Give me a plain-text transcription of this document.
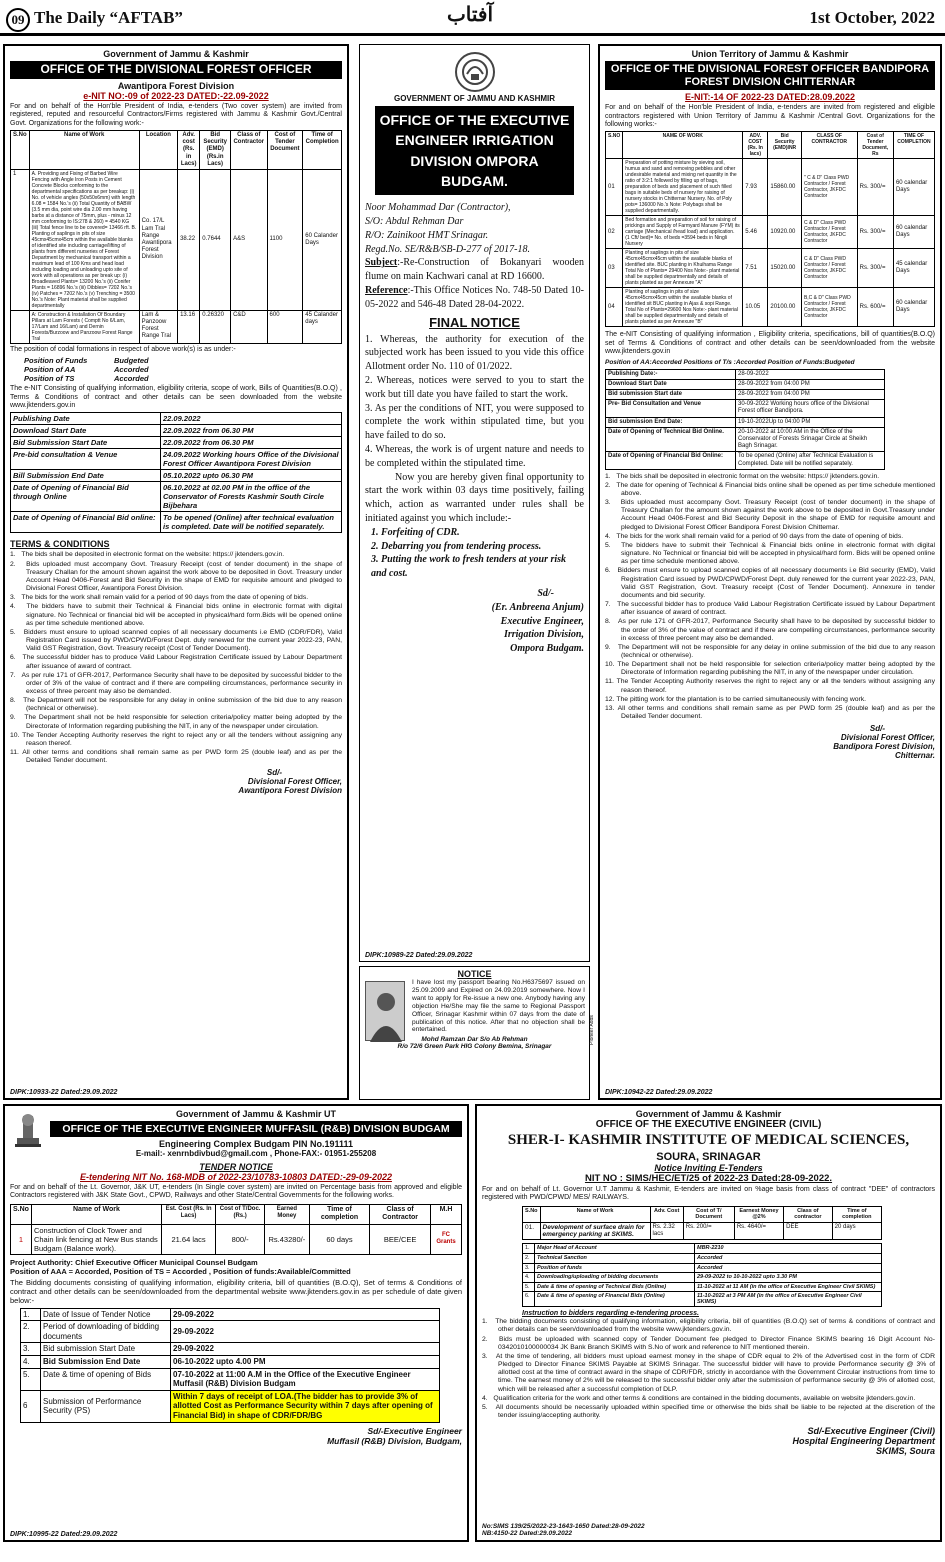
09 The Daily “AFTAB”	آفتاب	1st October, 2022
Government of Jammu & Kashmir
OFFICE OF THE DIVISIONAL FOREST OFFICER
Awantipora Forest Division
e-NIT NO:-09 of 2022-23 DATED:-22.09-2022

For and on behalf of the Hon'ble President of India, e-tenders (Two cover system) are invited from registered, reputed and resourceful Contractors/Firms registered with Jammu & Kashmir Govt./Central Govt. Organizations for the following work:-

S.No	Name of Work	Location	Adv. cost (Rs. in Lacs)	Bid Security (EMD) (Rs.in Lacs)	Class of Contractor	Cost of Tender Document	Time of Completion
1	A. Providing and Fixing of Barbed Wire Fencing with Angle Iron Posts in Cement Concrete Blocks conforming to the departmental specifications as per breakup: (i) No. of vehicle angles (50x50x6mm) with length 6.08 = 1584 No.'s (ii) Total Quantity of BABW (3.5 mm dia, point wire dia 2.00 mm having barbs at a distance of 75mm, plus - minus 12 mm conforming to IS:278 & 260) = 4540 KG (iii) Total fence line to be covered= 13466 rft. B. Planting of saplings in pits of size 45cmx45cmx45cm within the available blanks of identified site including carriage/lifting of plants from different nurseries of Forest Department by mechanical transport within a maximum lead of 100 Kms and head load including loading and unloading upto site of work with all operations as per break up: (i) Broadleaved Plants= 13200 No.'s (ii) Conifer Plants = 16896 No.'s (iii) Dibbles= 7202 No.'s (iv) Patches = 7202 No.'s (v) Trenching = 3500 No.'s Note: Plant material shall be supplied departmentally	Co. 17/L Lam Tral Range Awantipora Forest Division	38.22	0.7644	A&S	1100	60 Calander Days
	A: Construction & Installation Of Boundary Pillars at Lam Forests ( Comptt No 6/Lam, 17/Lam and 16/Lam) and Dernin Forests/Burzoow and Panzoow Forest Range Tral	Lam & Panzoow Forest Range Tral	13.16	0.26320	C&D	600	45 Calander days

The position of codal formations in respect of above work(s) is as under:-

Position of Funds	Budgeted
Position of AA	Accorded
Position of TS	Accorded

The e-NIT Consisting of qualifying information, eligibility criteria, scope of work, Bills of Quantities(B.O.Q) , Terms & Conditions of contract and other details can be seen downloaded from the website www.jktenders.gov.in

Publishing Date	22.09.2022
Download Start Date	22.09.2022 from 06.30 PM
Bid Submission Start Date	22.09.2022 from 06.30 PM
Pre-bid consultation & Venue	24.09.2022 Working hours Office of the Divisional Forest Officer Awantipora Forest Division
Bill Submission End Date	05.10.2022 upto 06.30 PM
Date of Opening of Financial Bid through Online	06.10.2022 at 02.00 PM in the office of the Conservator of Forests Kashmir South Circle Bijbehara
Date of Opening of Financial Bid online:	To be opened (Online) after technical evaluation is completed. Date will be notified separately.
TERMS & CONDITIONS
1.   The bids shall be deposited in electronic format on the website: https:// jktenders.gov.in.
2.   Bids uploaded must accompany Govt. Treasury Receipt (cost of tender document) in the shape of Treasury Challan for the amount shown against the work above to be deposited in Govt. Treasury under Account Head 0406-Forest and Bid Security in the shape of EMD for requisite amount and pledged to Divisional Forest Officer, Awantipora Forest Division.
3.   The bids for the work shall remain valid for a period of 90 days from the date of opening of bids.
4.   The bidders have to submit their Technical & Financial bids online in electronic format with digital signature. No Technical or financial bid will be accepted in physical/hard form.Bids will be opened online as per time schedule mentioned above.
5.   Bidders must ensure to upload scanned copies of all necessary documents i.e EMD (CDR/FDR), Valid Registration Card issued by PWD/CPWD/Forest Dept. duly renewed for the current year 2022-23, PAN, Valid GST Registration, Govt. Treasury receipt (Cost of Tender Document).
6.   The successful bidder has to produce Valid Labour Registration Certificate issued by Labour Department after issuance of award of contract.
7.   As per rule 171 of GFR-2017, Performance Security shall have to be deposited by successful bidder to the order of 3% of the value of contract and if there are compelling circumstances, performance security in excess of three percent may also be demanded.
8.   The Department will not be responsible for any delay in online submission of the bid due to any reason (technical or otherwise).
9.   The Department shall not be held responsible for selection criteria/policy matter being adopted by the Directorate of Information regarding publishing the NIT, in any of the newspaper under circulation.
10. The Tender Accepting Authority reserves the right to reject any or all the tenders without assigning any reason thereof.
11. All other terms and conditions shall remain same as per PWD form 25 (double leaf) and as per the Detailed Tender document.
Sd/-
Divisional Forest Officer,
Awantipora Forest Division
DIPK:10933-22 Dated:29.09.2022
GOVERNMENT OF JAMMU AND KASHMIR
OFFICE OF THE EXECUTIVE ENGINEER IRRIGATION DIVISION OMPORA BUDGAM.
Noor Mohammad Dar (Contractor),
S/O: Abdul Rehman Dar
R/O: Zainikoot HMT Srinagar.
Regd.No. SE/R&B/SB-D-277 of 2017-18.

Subject:-Re-Construction of Bokanyari wooden flume on main Kachwari canal at RD 16600.

Reference:-This Office Notices No. 748-50 Dated 10-05-2022 and 546-48 Dated 28-04-2022.

FINAL NOTICE

1. Whereas, the authority for execution of the subjected work has been issued to you vide this office Allotment order No. 110 of 01/2022.

2. Whereas, notices were served to you to start the work but till date you have failed to start the work.

3. As per the conditions of NIT, you were supposed to complete the work within stipulated time, but you have failed to do so.

4. Whereas, the work is of urgent nature and needs to be completed within the stipulated time.

Now you are hereby given final opportunity to start the work within 03 days time positively, failing which, action as warranted under rules shall be initiated against you which include:-

1. Forfeiting of CDR.
2. Debarring you from tendering process.
3. Putting the work to fresh tenders at your risk and cost.
Sd/-
(Er. Anbreena Anjum)
Executive Engineer,
Irrigation Division,
Ompora Budgam.
DIPK:10989-22 Dated:29.09.2022
NOTICE
I have lost my passport bearing No.H6375697 issued on 25.09.2009 and Expired on 24.09.2019 somewhere. Now I want to apply for Re-issue a new one. Anybody having any objection He/She may file the same to Regional Passport Officer, Srinagar Kashmir within 07 days from the date of publication of this notice. After that no objection shall be entertained.
Mohd Ramzan Dar S/o Ab Rehman
R/o 72/6 Green Park HIG Colony Bemina, Srinagar
Pioneer Adds
Union Territory of Jammu & Kashmir
OFFICE OF THE DIVISIONAL FOREST OFFICER BANDIPORA FOREST DIVISION CHITTERNAR
E-NIT:-14 OF 2022-23 DATED:28.09.2022

For and on behalf of the Hon'ble President of India, e-tenders are invited from registered and eligible contractors registered with Union Territory of Jammu & Kashmir /Central Govt. Organizations for the following works:-

S.NO	NAME OF WORK	ADV. COST (Rs. In lacs)	Bid Security (EMD)INR	CLASS OF CONTRACTOR	Cost of Tender Document, Rs	TIME OF COMPLETION
01	Preparation of potting mixture by sieving soil, humus and sand and removing pebbles and other undesirable material and mixing net quantity in the ratio of 3:2:1 followed by filling up of bags, preparation of beds and placement of such filled bags in suitable beds of nursery for raising of nursery stocks in Chitternar Nursery. No. of Poly pots= 136000 No.'s Note: Polybags shall be supplied departmentally.	7.93	15860.00	" C & D" Class PWD Contractor / Forest Contractor, JKFDC Contractor	Rs. 300/=	60 calendar Days
02	Bed formation and preparation of soil for raising of prickings and Supply of Farmyard Manure (FYM) its carriage (Mechanical /head load) and application. (1 Cft/ bed)= No. of beds =3594 beds in Ningli Nursery	5.46	10920.00	C & D" Class PWD Contractor / Forest Contractor, JKFDC Contractor	Rs. 300/=	60 calendar Days
03	Planting of saplings in pits of size 45cmx45cmx45cm within the available blanks of identified site. BUC planting in Khuihama Range Total No of Plants= 29400 Nos Note:- plant material shall be supplied departmentally and details of plants planted as per Annexure "A"	7.51	15020.00	C & D" Class PWD Contractor / Forest Contractor, JKFDC Contractor	Rs. 300/=	45 calendar Days
04	Planting of saplings in pits of size 45cmx45cmx45cm within the available blanks of identified sit BUC planting in Ajas & sopi Range. Total No of Plants=29600 Nos Note:- plant material shall be supplied departmentally and details of plants planted as per Annexure "B"	10.05	20100.00	B,C & D" Class PWD Contractor / Forest Contractor, JKFDC Contractor	Rs. 600/=	60 calendar Days

The e-NIT Consisting of qualifying information , Eligibility criteria, specifications, bill of quantities(B.O.Q) set of Terms & Conditions of contract and other details can be seen/downloaded from the website www.jktenders.gov.in

Position of AA:Accorded Positions of T/s :Accorded Position of Funds:Budgeted
Publishing Date:-	28-09-2022
Download Start Date	28-09-2022 from 04:00 PM
Bid submission Start date	28-09-2022 from 04:00 PM
Pre- Bid Consultation and Venue	30-09-2022 Working hours office of the Divisional Forest officer Bandipora.
Bid submission End Date:	19-10-2022Up to 04:00 PM
Date of Opening of Technical Bid Online.	20-10-2022 at 10:00 AM in the Office of the Conservator of Forests Srinagar Circle at Sheikh Bagh Srinagar.
Date of Opening of Financial Bid Online:	To be opened (Online) after Technical Evaluation is Completed. Date will be notified separately.
1.   The bids shall be deposited in electronic format on the website: https:// jktenders.gov.in.
2.   The date for opening of Technical & Financial bids online shall be opened as per time schedule mentioned above.
3.   Bids uploaded must accompany Govt. Treasury Receipt (cost of tender document) in the shape of Treasury Challan for the amount shown against the work above to be deposited in Govt.Treasury under Account Head 0406-Forest and Bid Security Deposit in the shape of EMD for requisite amount and pledged to Divisional Forest Officer Bandipora Forest Division Chittemar.
4.   The bids for the work shall remain valid for a period of 90 days from the date of opening of bids.
5.   The bidders have to submit their Technical & Financial bids online in electronic format with digital signature. No Technical or financial bid will be accepted in physical/hard form. Bids will be opened online as per time schedule mentioned above.
6.   Bidders must ensure to upload scanned copies of all necessary documents i.e Bid security (EMD), Valid Registration Card issued by PWD/CPWD/Forest Dept. duly renewed for the current year 2022-23, PAN, Valid GST Registration, Govt. Treasury receipt (Cost of Tender Document). Annexure in tender documents and bid security.
7.   The successful bidder has to produce Valid Labour Registration Certificate issued by Labour Department after issuance of award of contract.
8.   As per rule 171 of GFR-2017, Performance Security shall have to be deposited by successful bidder to the order of 3% of the value of contract and if there are compelling circumstances, performance security in excess of three percent may also be demanded.
9.   The Department will not be responsible for any delay in online submission of the bid due to any reason (technical or otherwise).
10. The Department shall not be held responsible for selection criteria/policy matter being adopted by the Directorate of Information regarding publishing the NIT, in any of the newspaper under circulation.
11. The Tender Accepting Authority reserves the right to reject any or all the tenders without assigning any reason thereof.
12. The pitting work for the plantation is to be carried simultaneously with fencing work.
13. All other terms and conditions shall remain same as per PWD form 25 (double leaf) and as per the Detailed Tender document.
Sd/-
Divisional Forest Officer,
Bandipora Forest Division,
Chitternar.
DIPK:10942-22 Dated:29.09.2022
Government of Jammu & Kashmir UT
OFFICE OF THE EXECUTIVE ENGINEER MUFFASIL (R&B) DIVISION BUDGAM
Engineering Complex Budgam PIN No.191111
E-mail:- xenrnbdivbud@gmail.com , Phone-FAX:- 01951-255208
TENDER NOTICE
E-tendering NIT No. 168-MDB of 2022-23/10783-10803 DATED:-29-09-2022

For and on behalf of the Lt. Governor, J&K UT, e-tenders (In Single cover system) are invited on Percentage basis from approved and eligible Contractors registered with J&K State Govt., CPWD, Railways and other State/Central Governments for the following works.

S.No	Name of Work	Est. Cost (Rs. In Lacs)	Cost of T/Doc. (Rs.)	Earned Money	Time of completion	Class of Contractor	M.H
1	Construction of Clock Tower and Chain link fencing at New Bus stands Budgam (Balance work).	21.64 lacs	800/-	Rs.43280/-	60 days	BEE/CEE	FC Grants
Project Authority: Chief Executive Officer Municipal Counsel Budgam
Position of AAA = Accorded, Position of TS = Accorded , Position of funds:Available/Committed

The Bidding documents consisting of qualifying information, eligibility criteria, bill of quantities (B.O.Q), Set of terms & Conditions of contract and other details can be seen/downloaded from the departmental website www.jktenders.gov.in as per schedule of date given below:-

1.	Date of Issue of Tender Notice	29-09-2022
2.	Period of downloading of bidding documents	29-09-2022
3.	Bid submission Start Date	29-09-2022
4.	Bid Submission End Date	06-10-2022 upto 4.00 PM
5.	Date & time of opening of Bids	07-10-2022 at 11:00 A.M in the Office of the Executive Engineer Muffasil (R&B) Division Budgam
6	Submission of Performance Security (PS)	Within 7 days of receipt of LOA.(The bidder has to provide 3% of allotted Cost as Performance Security within 7 days after opening of Financial Bid) in shape of CDR/FDR/BG
Sd/-Executive Engineer
Muffasil (R&B) Division, Budgam,
DIPK:10995-22 Dated:29.09.2022
Government of Jammu & Kashmir
OFFICE OF THE EXECUTIVE ENGINEER (CIVIL)
SHER-I- KASHMIR INSTITUTE OF MEDICAL SCIENCES,
SOURA, SRINAGAR
Notice Inviting E-Tenders
NIT NO : SIMS/HEC/ET/25 of 2022-23 Dated:28-09-2022.

For and on behalf of Lt. Governor U.T Jammu & Kashmir, E-tenders are invited on %age basis from class of contract "DEE" of contractors registered with PWD/CPWD/ MES/ RAILWAYS.

S.No	Name of Work	Adv. Cost	Cost of T/ Document	Earnest Money @2%	Class of contractor	Time of completion
01.	Development of surface drain for emergency parking at SKIMS.	Rs. 2.32 lacs	Rs. 200/=	Rs. 4640/=	DEE	20 days
1.	Major Head of Account	MBR-2210
2.	Technical Sanction	Accorded
3.	Position of funds	Accorded
4.	Downloading/uploading of bidding documents	29-09-2022 to 10-10-2022 upto 3.30 PM
5.	Date & time of opening of Technical Bids (Online)	11-10-2022 at 11 AM (in the office of Executive Engineer Civil SKIMS)
6.	Date & time of opening of Financial Bids (Online)	11-10-2022 at 3 PM AM (in the office of Executive Engineer Civil SKIMS)
Instruction to bidders regarding e-tendering process.
1.   The bidding documents consisting of qualifying information, eligibility criteria, bill of quantities (B.O.Q) set of terms & conditions of contract and other details can be seen/downloaded from the website www.jktenders.gov.in.
2.   Bids must be uploaded with scanned copy of Tender Document fee pledged to Director Finance SKIMS bearing 16 Digit Account No-0342010100000034 JK Bank Branch SKIMS with S.No of work and reference to NIT mentioned therein.
3.   At the time of tendering, all bidders must upload earnest money in the shape of CDR equal to 2% of the Advertised cost in the form of CDR Pledged to Director Finance SKIMS Payable at SKIMS Srinagar. The successful bidder will have to provide Performance security @ 3% of allotted cost at the time of contract award in the shape of CDR/FDR, strictly in accordance with the Government Circular instructions from time to time. The earnest money of 2% will be released to the successful bidder only after the submission of performance security @ 3% of allotted cost, which will be released after a successful completion of DLP.
4.   Qualification criteria for the work and other terms & conditions are contained in the bidding documents, available on website jktenders.gov.in.
5.   All documents should be necessarily uploaded within specified time or otherwise the bids shall be liable to be rejected at the discretion of the tender issuing/accepting authority.
Sd/-Executive Engineer (Civil)
Hospital Engineering Department
SKIMS, Soura
No:SIMS 139/25/2022-23-1643-1650 Dated:28-09-2022
NB:4150-22 Dated:29.09.2022
